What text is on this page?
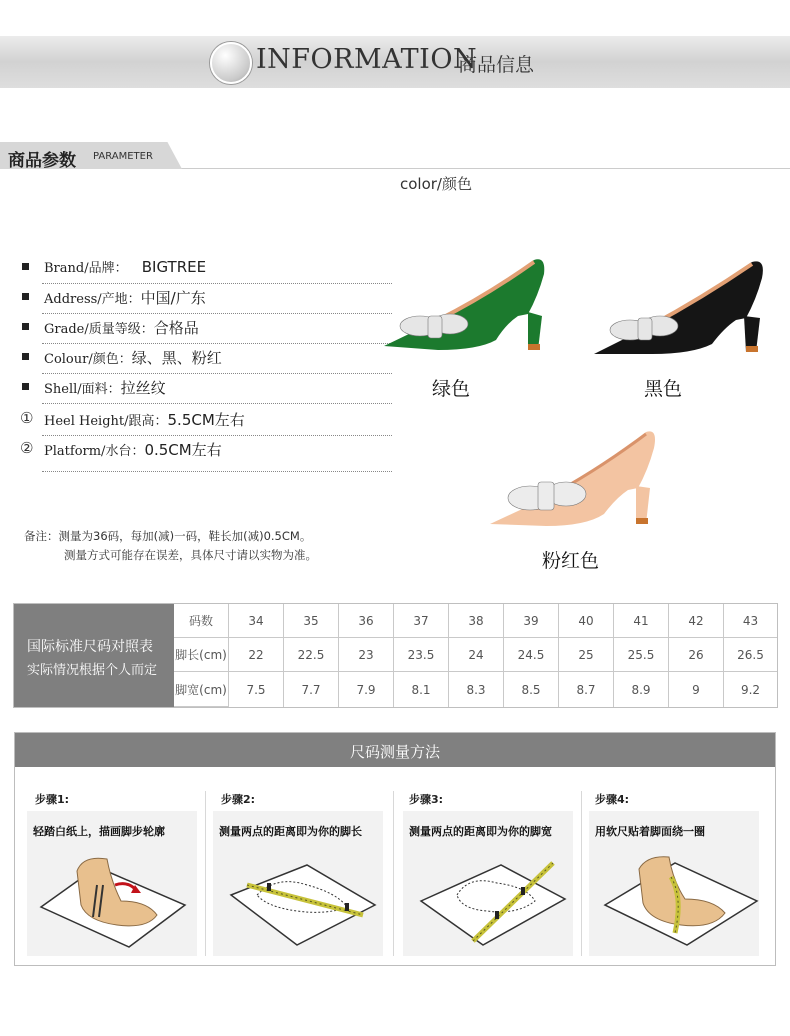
INFORMATION
商品信息
商品参数 PARAMETER
color/颜色
Brand/品牌： BIGTREE
Address/产地：中国/广东
Grade/质量等级：合格品
Colour/颜色：绿、黑、粉红
Shell/面料：拉丝纹
① Heel Height/跟高：5.5CM左右
② Platform/水台：0.5CM左右
绿色	黑色
粉红色
备注：测量为36码，每加(减)一码，鞋长加(减)0.5CM。
测量方式可能存在误差，具体尺寸请以实物为准。
国际标准尺码对照表
实际情况根据个人而定
码数	34	35	36	37	38	39	40	41	42	43
脚长(cm)	22	22.5	23	23.5	24	24.5	25	25.5	26	26.5
脚宽(cm)	7.5	7.7	7.9	8.1	8.3	8.5	8.7	8.9	9	9.2
尺码测量方法
步骤1:
轻踏白纸上，描画脚步轮廓
步骤2:
测量两点的距离即为你的脚长
步骤3:
测量两点的距离即为你的脚宽
步骤4:
用软尺贴着脚面绕一圈
